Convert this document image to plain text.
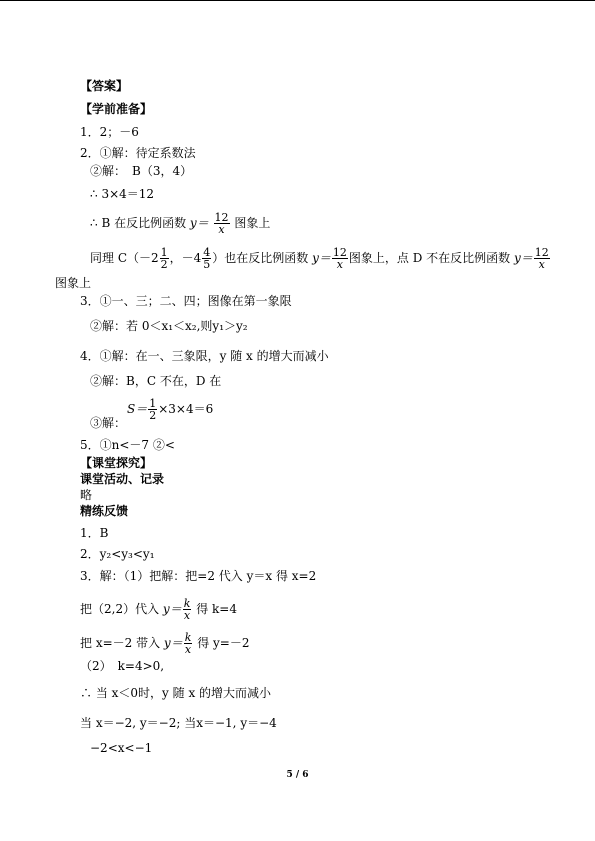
【答案】
【学前准备】
1．2；－6
2．①解：待定系数法
②解：　B（3，4）
∴ 3×4＝12
∴ B 在反比例函数 $y= \frac{12}{x}$ 图象上
同理 $C(-2 \frac{1}{2}$ ，$-4 \frac{4}{5}$ ）也在反比例函数 $y= \frac{12}{x}$ 图象上，点 D 不在反比例函数 $y= \frac{12}{x}$
图象上
3．①一、三；二、四；图像在第一象限
②解：若 0＜x₁＜x₂,则y₁＞y₂
4．①解：在一、三象限，y 随 x 的增大而减小
②解：B，C 不在，D 在
$S= \frac{1}{2} \times 3\times 4=6$
③解：
5．①n<－7 ②<
【课堂探究】
课堂活动、记录
略
精练反馈
1．B
2．y₂<y₃<y₁
3．解：（1）把解：把=2 代入 y＝x 得 x=2
把（2,2）代入 $y= \frac{k}{x}$ 得 k=4
把 x=－2 带入 $y= \frac{k}{x}$ 得 y=－2
（2）　k=4>0,
∴ 当 x＜0时，y 随 x 的增大而减小
当 x＝−2, y＝−2; 当x＝−1, y＝−4
−2<x<−1
5 / 6
